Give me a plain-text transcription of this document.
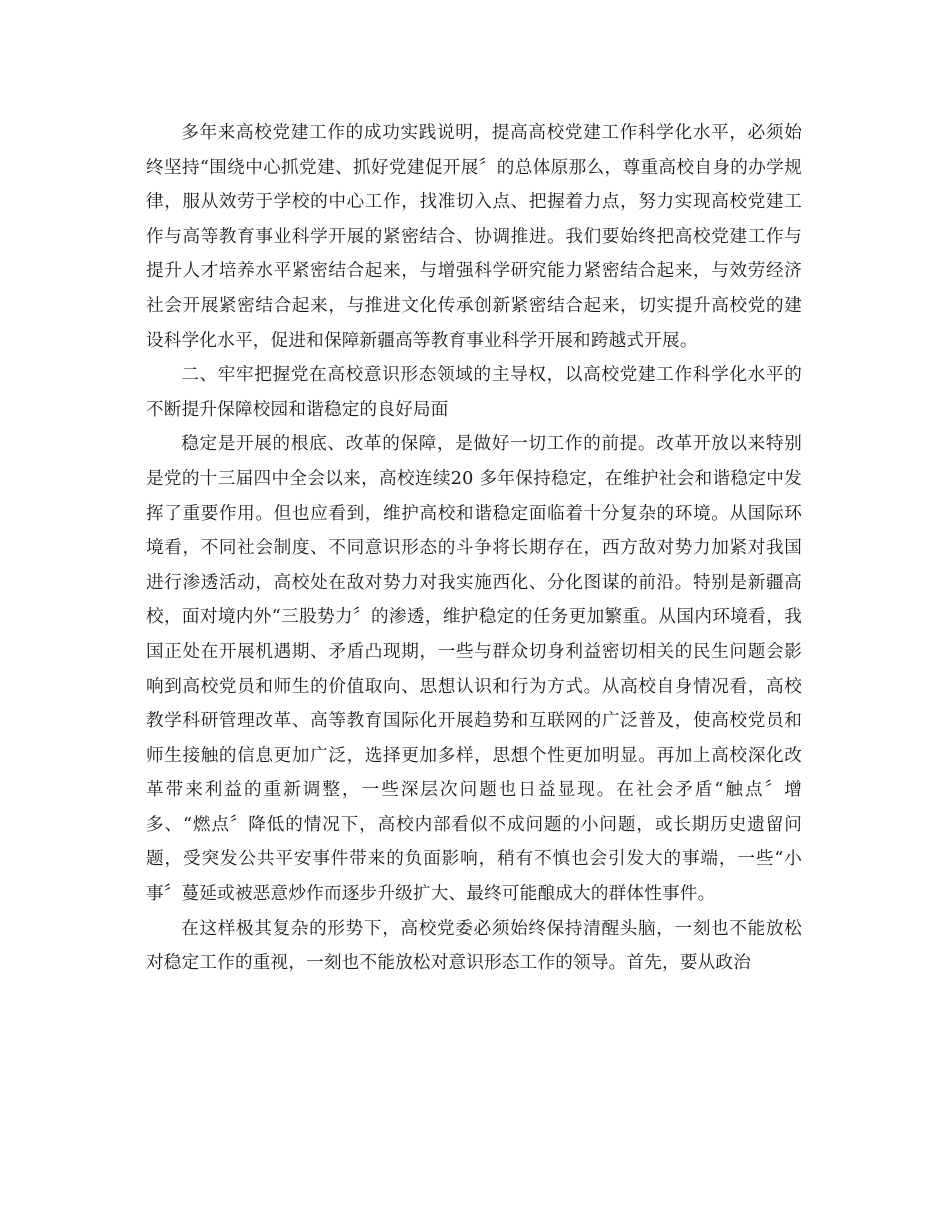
多年来高校党建工作的成功实践说明，提高高校党建工作科学化水平，必须始终坚持“围绕中心抓党建、抓好党建促开展〞的总体原那么，尊重高校自身的办学规律，服从效劳于学校的中心工作，找准切入点、把握着力点，努力实现高校党建工作与高等教育事业科学开展的紧密结合、协调推进。我们要始终把高校党建工作与提升人才培养水平紧密结合起来，与增强科学研究能力紧密结合起来，与效劳经济社会开展紧密结合起来，与推进文化传承创新紧密结合起来，切实提升高校党的建设科学化水平，促进和保障新疆高等教育事业科学开展和跨越式开展。

二、牢牢把握党在高校意识形态领域的主导权，以高校党建工作科学化水平的不断提升保障校园和谐稳定的良好局面

稳定是开展的根底、改革的保障，是做好一切工作的前提。改革开放以来特别是党的十三届四中全会以来，高校连续20 多年保持稳定，在维护社会和谐稳定中发挥了重要作用。但也应看到，维护高校和谐稳定面临着十分复杂的环境。从国际环境看，不同社会制度、不同意识形态的斗争将长期存在，西方敌对势力加紧对我国进行渗透活动，高校处在敌对势力对我实施西化、分化图谋的前沿。特别是新疆高校，面对境内外“三股势力〞的渗透，维护稳定的任务更加繁重。从国内环境看，我国正处在开展机遇期、矛盾凸现期，一些与群众切身利益密切相关的民生问题会影响到高校党员和师生的价值取向、思想认识和行为方式。从高校自身情况看，高校教学科研管理改革、高等教育国际化开展趋势和互联网的广泛普及，使高校党员和师生接触的信息更加广泛，选择更加多样，思想个性更加明显。再加上高校深化改革带来利益的重新调整，一些深层次问题也日益显现。在社会矛盾“触点〞增多、“燃点〞降低的情况下，高校内部看似不成问题的小问题，或长期历史遗留问题，受突发公共平安事件带来的负面影响，稍有不慎也会引发大的事端，一些“小事〞蔓延或被恶意炒作而逐步升级扩大、最终可能酿成大的群体性事件。

在这样极其复杂的形势下，高校党委必须始终保持清醒头脑，一刻也不能放松对稳定工作的重视，一刻也不能放松对意识形态工作的领导。首先，要从政治
